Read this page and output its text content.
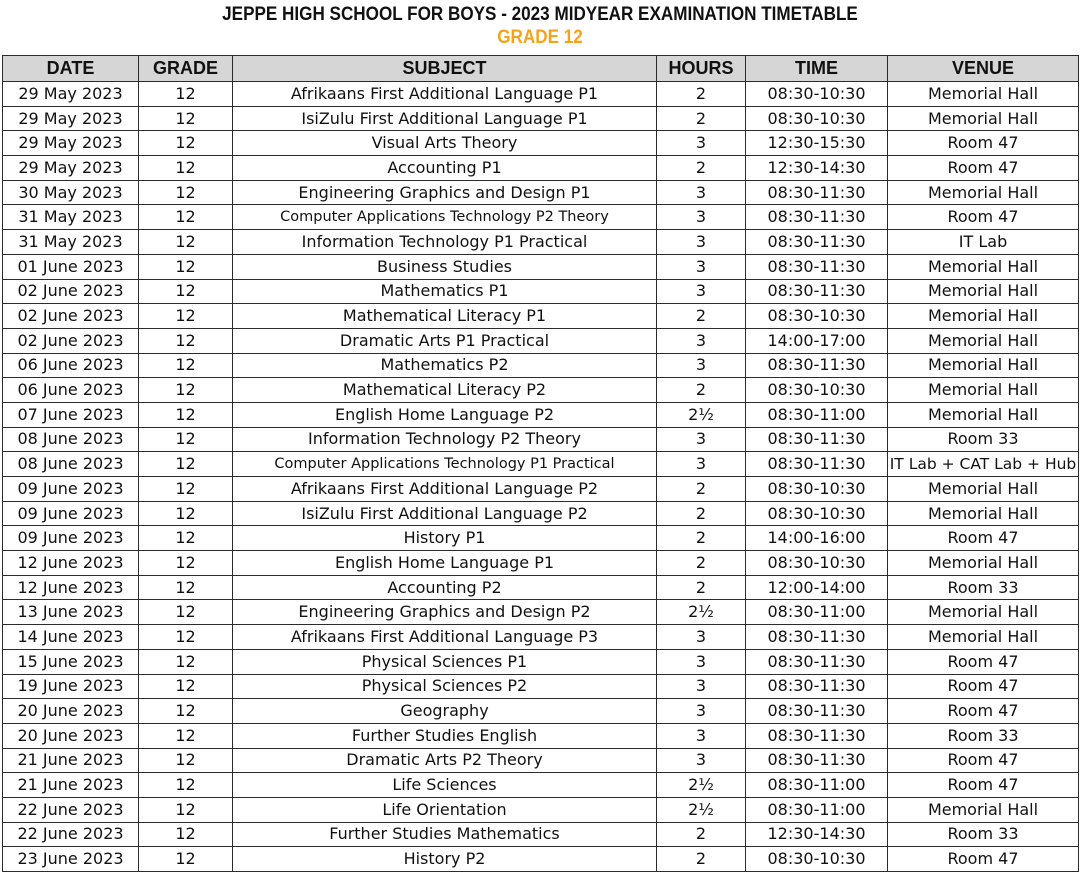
JEPPE HIGH SCHOOL FOR BOYS - 2023 MIDYEAR EXAMINATION TIMETABLE
GRADE 12
DATE	GRADE	SUBJECT	HOURS	TIME	VENUE
29 May 2023	12	Afrikaans First Additional Language P1	2	08:30-10:30	Memorial Hall
29 May 2023	12	IsiZulu First Additional Language P1	2	08:30-10:30	Memorial Hall
29 May 2023	12	Visual Arts Theory	3	12:30-15:30	Room 47
29 May 2023	12	Accounting P1	2	12:30-14:30	Room 47
30 May 2023	12	Engineering Graphics and Design P1	3	08:30-11:30	Memorial Hall
31 May 2023	12	Computer Applications Technology P2 Theory	3	08:30-11:30	Room 47
31 May 2023	12	Information Technology P1 Practical	3	08:30-11:30	IT Lab
01 June 2023	12	Business Studies	3	08:30-11:30	Memorial Hall
02 June 2023	12	Mathematics P1	3	08:30-11:30	Memorial Hall
02 June 2023	12	Mathematical Literacy P1	2	08:30-10:30	Memorial Hall
02 June 2023	12	Dramatic Arts P1 Practical	3	14:00-17:00	Memorial Hall
06 June 2023	12	Mathematics P2	3	08:30-11:30	Memorial Hall
06 June 2023	12	Mathematical Literacy P2	2	08:30-10:30	Memorial Hall
07 June 2023	12	English Home Language P2	2½	08:30-11:00	Memorial Hall
08 June 2023	12	Information Technology P2 Theory	3	08:30-11:30	Room 33
08 June 2023	12	Computer Applications Technology P1 Practical	3	08:30-11:30	IT Lab + CAT Lab + Hub
09 June 2023	12	Afrikaans First Additional Language P2	2	08:30-10:30	Memorial Hall
09 June 2023	12	IsiZulu First Additional Language P2	2	08:30-10:30	Memorial Hall
09 June 2023	12	History P1	2	14:00-16:00	Room 47
12 June 2023	12	English Home Language P1	2	08:30-10:30	Memorial Hall
12 June 2023	12	Accounting P2	2	12:00-14:00	Room 33
13 June 2023	12	Engineering Graphics and Design P2	2½	08:30-11:00	Memorial Hall
14 June 2023	12	Afrikaans First Additional Language P3	3	08:30-11:30	Memorial Hall
15 June 2023	12	Physical Sciences P1	3	08:30-11:30	Room 47
19 June 2023	12	Physical Sciences P2	3	08:30-11:30	Room 47
20 June 2023	12	Geography	3	08:30-11:30	Room 47
20 June 2023	12	Further Studies English	3	08:30-11:30	Room 33
21 June 2023	12	Dramatic Arts P2 Theory	3	08:30-11:30	Room 47
21 June 2023	12	Life Sciences	2½	08:30-11:00	Room 47
22 June 2023	12	Life Orientation	2½	08:30-11:00	Memorial Hall
22 June 2023	12	Further Studies Mathematics	2	12:30-14:30	Room 33
23 June 2023	12	History P2	2	08:30-10:30	Room 47
